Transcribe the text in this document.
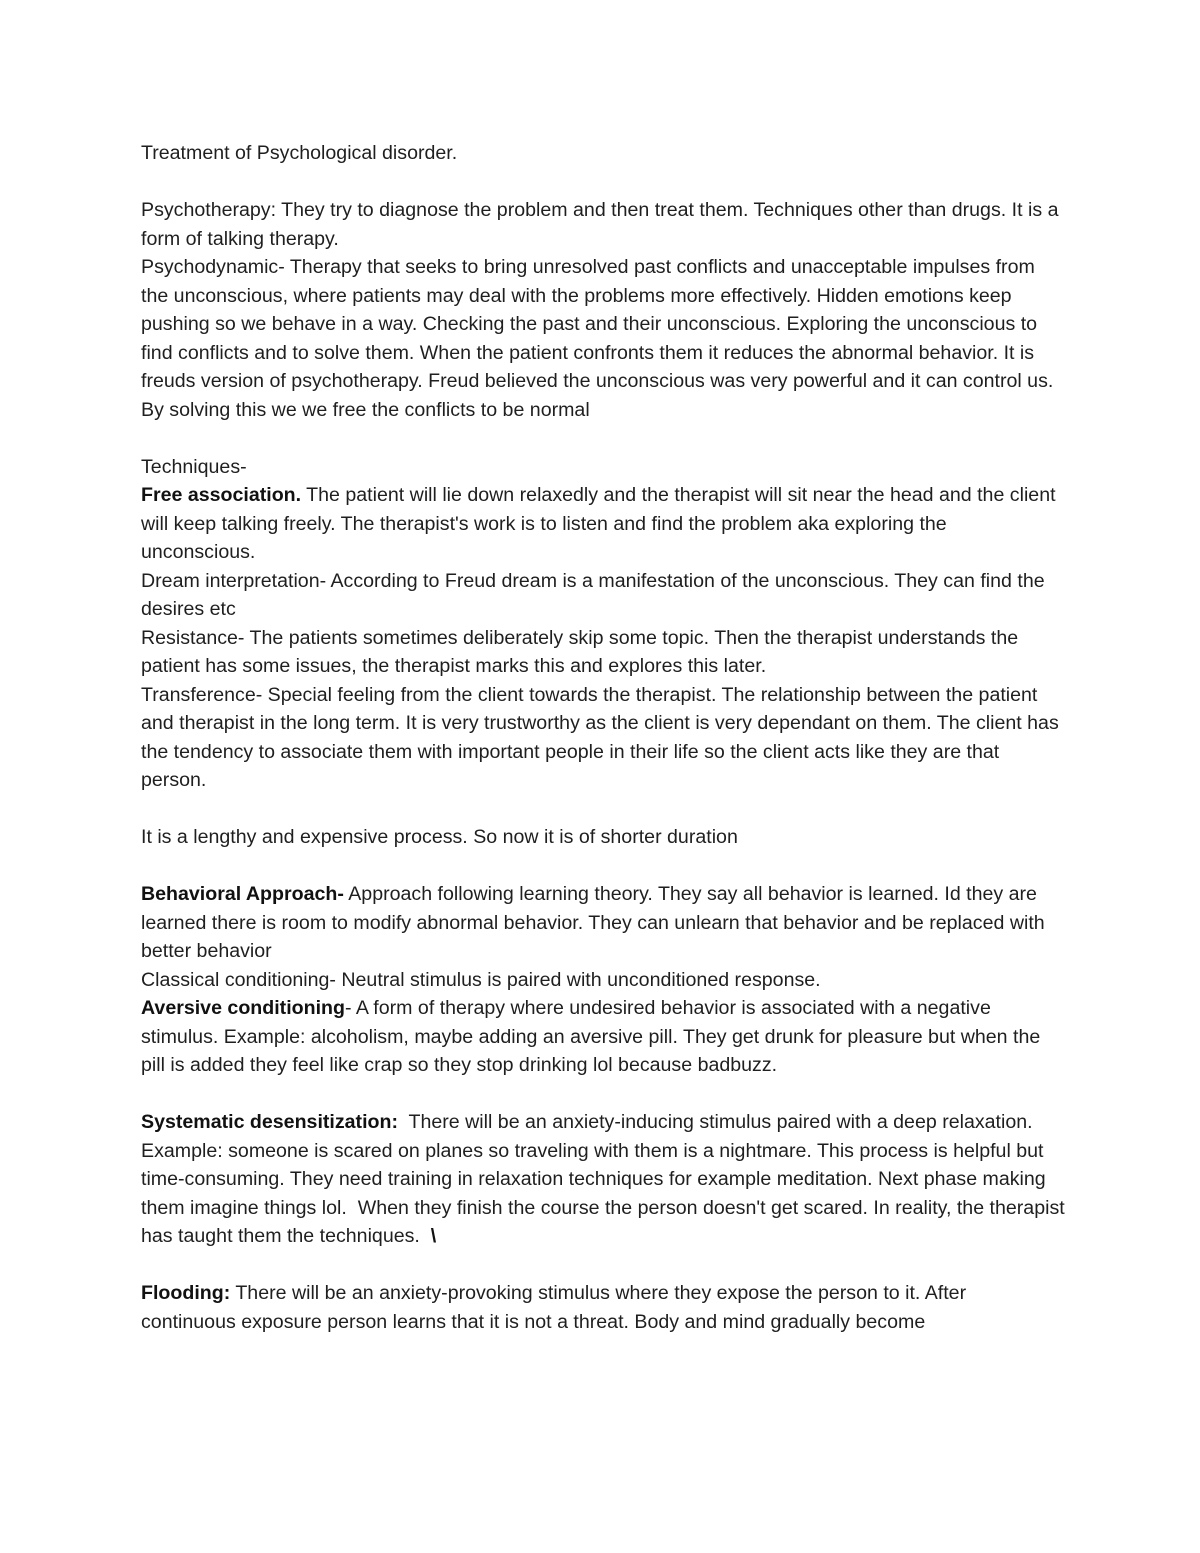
Treatment of Psychological disorder.

Psychotherapy: They try to diagnose the problem and then treat them. Techniques other than drugs. It is a form of talking therapy.

Psychodynamic- Therapy that seeks to bring unresolved past conflicts and unacceptable impulses from the unconscious, where patients may deal with the problems more effectively. Hidden emotions keep pushing so we behave in a way. Checking the past and their unconscious. Exploring the unconscious to find conflicts and to solve them. When the patient confronts them it reduces the abnormal behavior. It is freuds version of psychotherapy. Freud believed the unconscious was very powerful and it can control us. By solving this we we free the conflicts to be normal

Techniques-

Free association. The patient will lie down relaxedly and the therapist will sit near the head and the client will keep talking freely. The therapist's work is to listen and find the problem aka exploring the unconscious.

Dream interpretation- According to Freud dream is a manifestation of the unconscious. They can find the desires etc

Resistance- The patients sometimes deliberately skip some topic. Then the therapist understands the patient has some issues, the therapist marks this and explores this later.

Transference- Special feeling from the client towards the therapist. The relationship between the patient and therapist in the long term. It is very trustworthy as the client is very dependant on them. The client has the tendency to associate them with important people in their life so the client acts like they are that person.

It is a lengthy and expensive process. So now it is of shorter duration

Behavioral Approach- Approach following learning theory. They say all behavior is learned. Id they are learned there is room to modify abnormal behavior. They can unlearn that behavior and be replaced with better behavior

Classical conditioning- Neutral stimulus is paired with unconditioned response.

Aversive conditioning- A form of therapy where undesired behavior is associated with a negative stimulus. Example: alcoholism, maybe adding an aversive pill. They get drunk for pleasure but when the pill is added they feel like crap so they stop drinking lol because badbuzz.

Systematic desensitization:  There will be an anxiety-inducing stimulus paired with a deep relaxation. Example: someone is scared on planes so traveling with them is a nightmare. This process is helpful but time-consuming. They need training in relaxation techniques for example meditation. Next phase making them imagine things lol.  When they finish the course the person doesn't get scared. In reality, the therapist has taught them the techniques.  \

Flooding: There will be an anxiety-provoking stimulus where they expose the person to it. After continuous exposure person learns that it is not a threat. Body and mind gradually become
